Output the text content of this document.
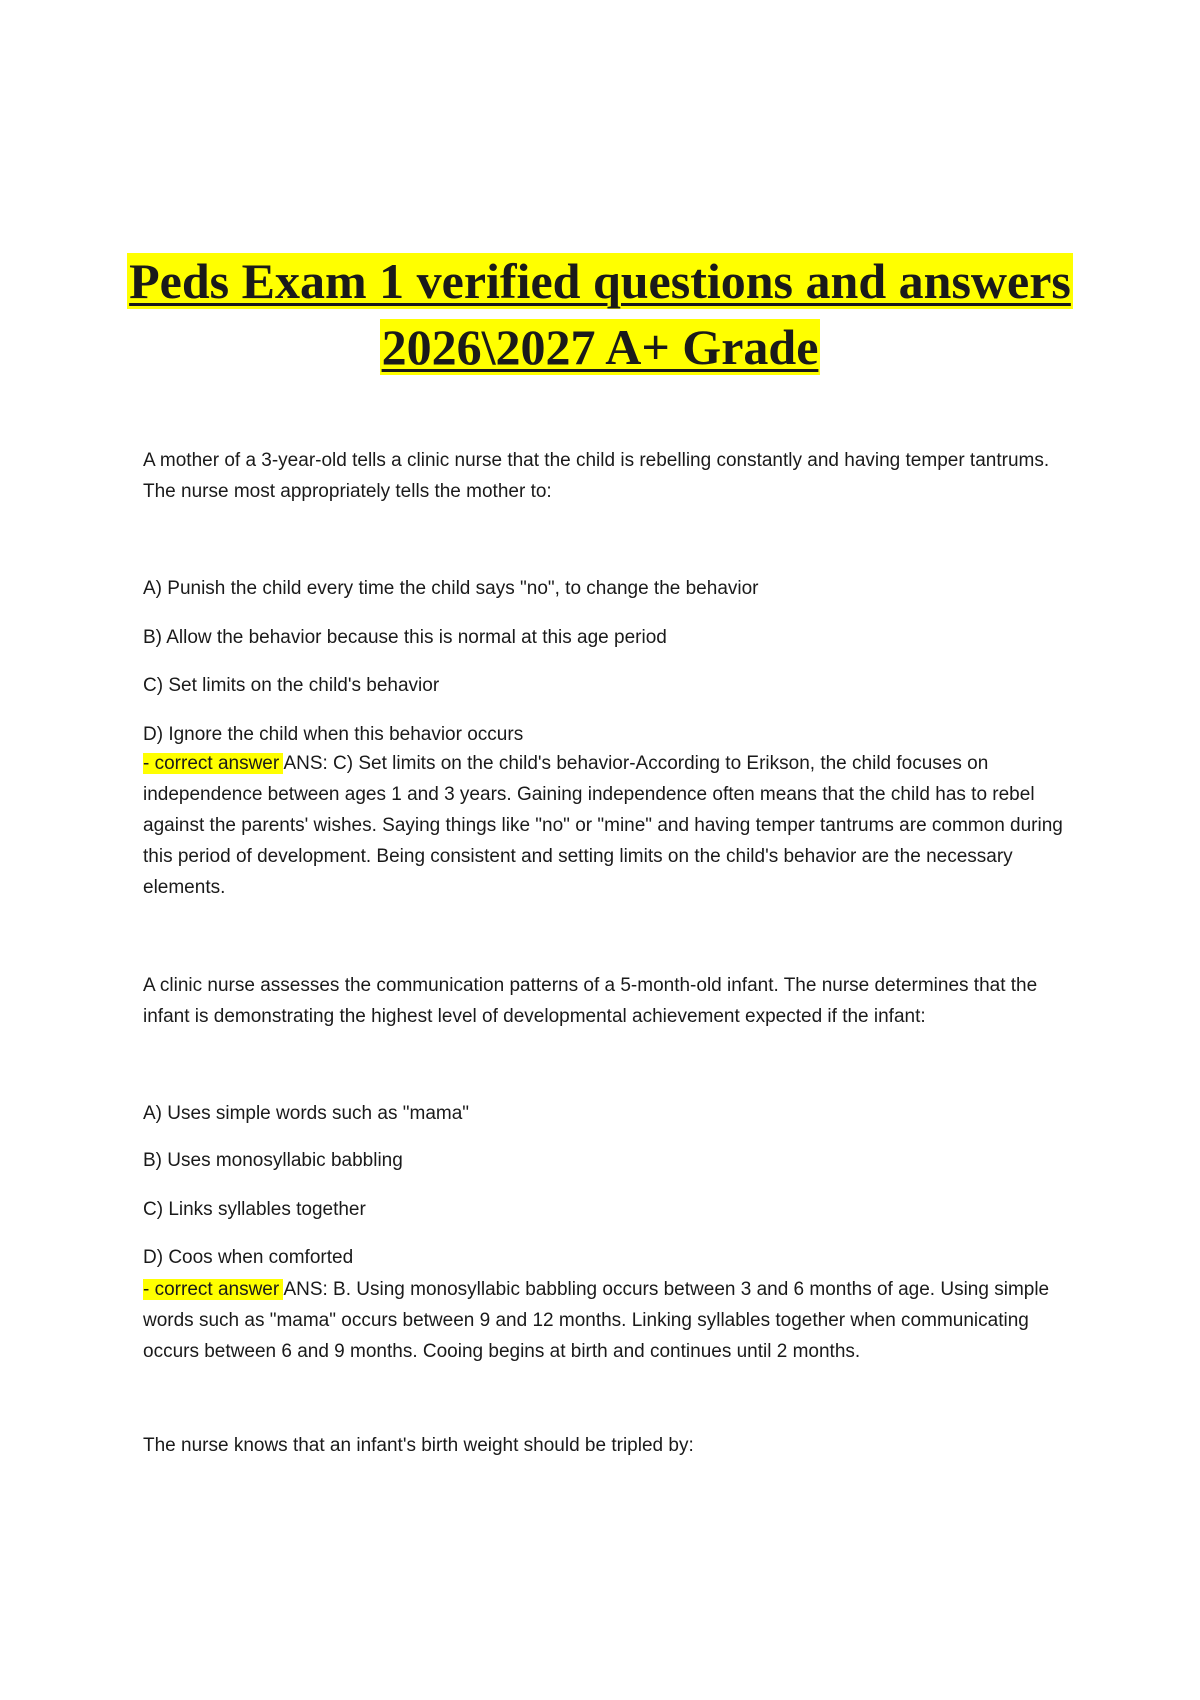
Peds Exam 1 verified questions and answers
2026\2027 A+ Grade
A mother of a 3-year-old tells a clinic nurse that the child is rebelling constantly and having temper tantrums. The nurse most appropriately tells the mother to:
A) Punish the child every time the child says "no", to change the behavior
B) Allow the behavior because this is normal at this age period
C) Set limits on the child's behavior
D) Ignore the child when this behavior occurs
- correct answer ANS: C) Set limits on the child's behavior-According to Erikson, the child focuses on independence between ages 1 and 3 years. Gaining independence often means that the child has to rebel against the parents' wishes. Saying things like "no" or "mine" and having temper tantrums are common during this period of development. Being consistent and setting limits on the child's behavior are the necessary elements.
A clinic nurse assesses the communication patterns of a 5-month-old infant. The nurse determines that the infant is demonstrating the highest level of developmental achievement expected if the infant:
A) Uses simple words such as "mama"
B) Uses monosyllabic babbling
C) Links syllables together
D) Coos when comforted
- correct answer ANS: B. Using monosyllabic babbling occurs between 3 and 6 months of age. Using simple words such as "mama" occurs between 9 and 12 months. Linking syllables together when communicating occurs between 6 and 9 months. Cooing begins at birth and continues until 2 months.
The nurse knows that an infant's birth weight should be tripled by:
